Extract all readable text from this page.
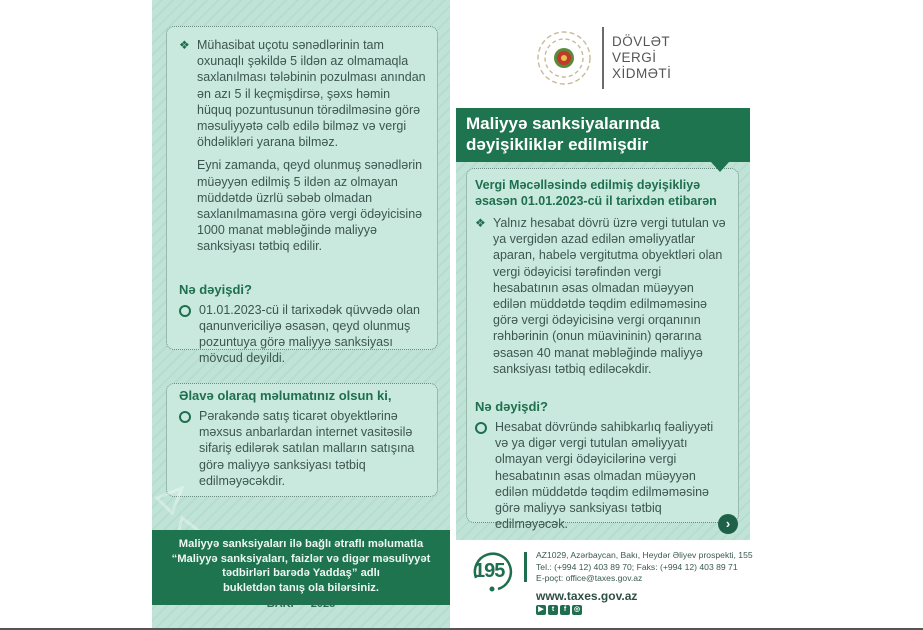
❖ Mühasibat uçotu sənədlərinin tam oxunaqlı şəkildə 5 ildən az olmamaqla saxlanılması tələbinin pozulması anından ən azı 5 il keçmişdirsə, şəxs həmin hüquq pozuntusunun törədilməsinə görə məsuliyyətə cəlb edilə bilməz və vergi öhdəlikləri yarana bilməz.
Eyni zamanda, qeyd olunmuş sənədlərin müəyyən edilmiş 5 ildən az olmayan müddətdə üzrlü səbəb olmadan saxlanılmamasına görə vergi ödəyicisinə 1000 manat məbləğində maliyyə sanksiyası tətbiq edilir.
Nə dəyişdi?
01.01.2023-cü il tarixədək qüvvədə olan qanunvericiliyə əsasən, qeyd olunmuş pozuntuya görə maliyyə sanksiyası mövcud deyildi.
Əlavə olaraq məlumatınız olsun ki,
Pərakəndə satış ticarət obyektlərinə məxsus anbarlardan internet vasitəsilə sifariş edilərək satılan malların satışına görə maliyyə sanksiyası tətbiq edilməyəcəkdir.
Maliyyə sanksiyaları ilə bağlı ətraflı məlumatla
“Maliyyə sanksiyaları, faizlər və digər məsuliyyət
tədbirləri barədə Yaddaş” adlı
bukletdən tanış ola bilərsiniz.
BAKI — 2023
DÖVLƏT
VERGİ
XİDMƏTİ
Maliyyə sanksiyalarında
dəyişikliklər edilmişdir
Vergi Məcəlləsində edilmiş dəyişikliyə əsasən 01.01.2023-cü il tarixdən etibarən
❖ Yalnız hesabat dövrü üzrə vergi tutulan və ya vergidən azad edilən əməliyyatlar aparan, habelə vergitutma obyektləri olan vergi ödəyicisi tərəfindən vergi hesabatının əsas olmadan müəyyən edilən müddətdə təqdim edilməməsinə görə vergi ödəyicisinə vergi orqanının rəhbərinin (onun müavininin) qərarına əsasən 40 manat məbləğində maliyyə sanksiyası tətbiq ediləcəkdir.
Nə dəyişdi?
Hesabat dövründə sahibkarlıq fəaliyyəti və ya digər vergi tutulan əməliyyatı olmayan vergi ödəyicilərinə vergi hesabatının əsas olmadan müəyyən edilən müddətdə təqdim edilməməsinə görə maliyyə sanksiyası tətbiq edilməyəcək.	›
195
AZ1029, Azərbaycan, Bakı, Heydər Əliyev prospekti, 155
Tel.: (+994 12) 403 89 70; Faks: (+994 12) 403 89 71
E-poçt: office@taxes.gov.az
www.taxes.gov.az
▶	t	f	◎
